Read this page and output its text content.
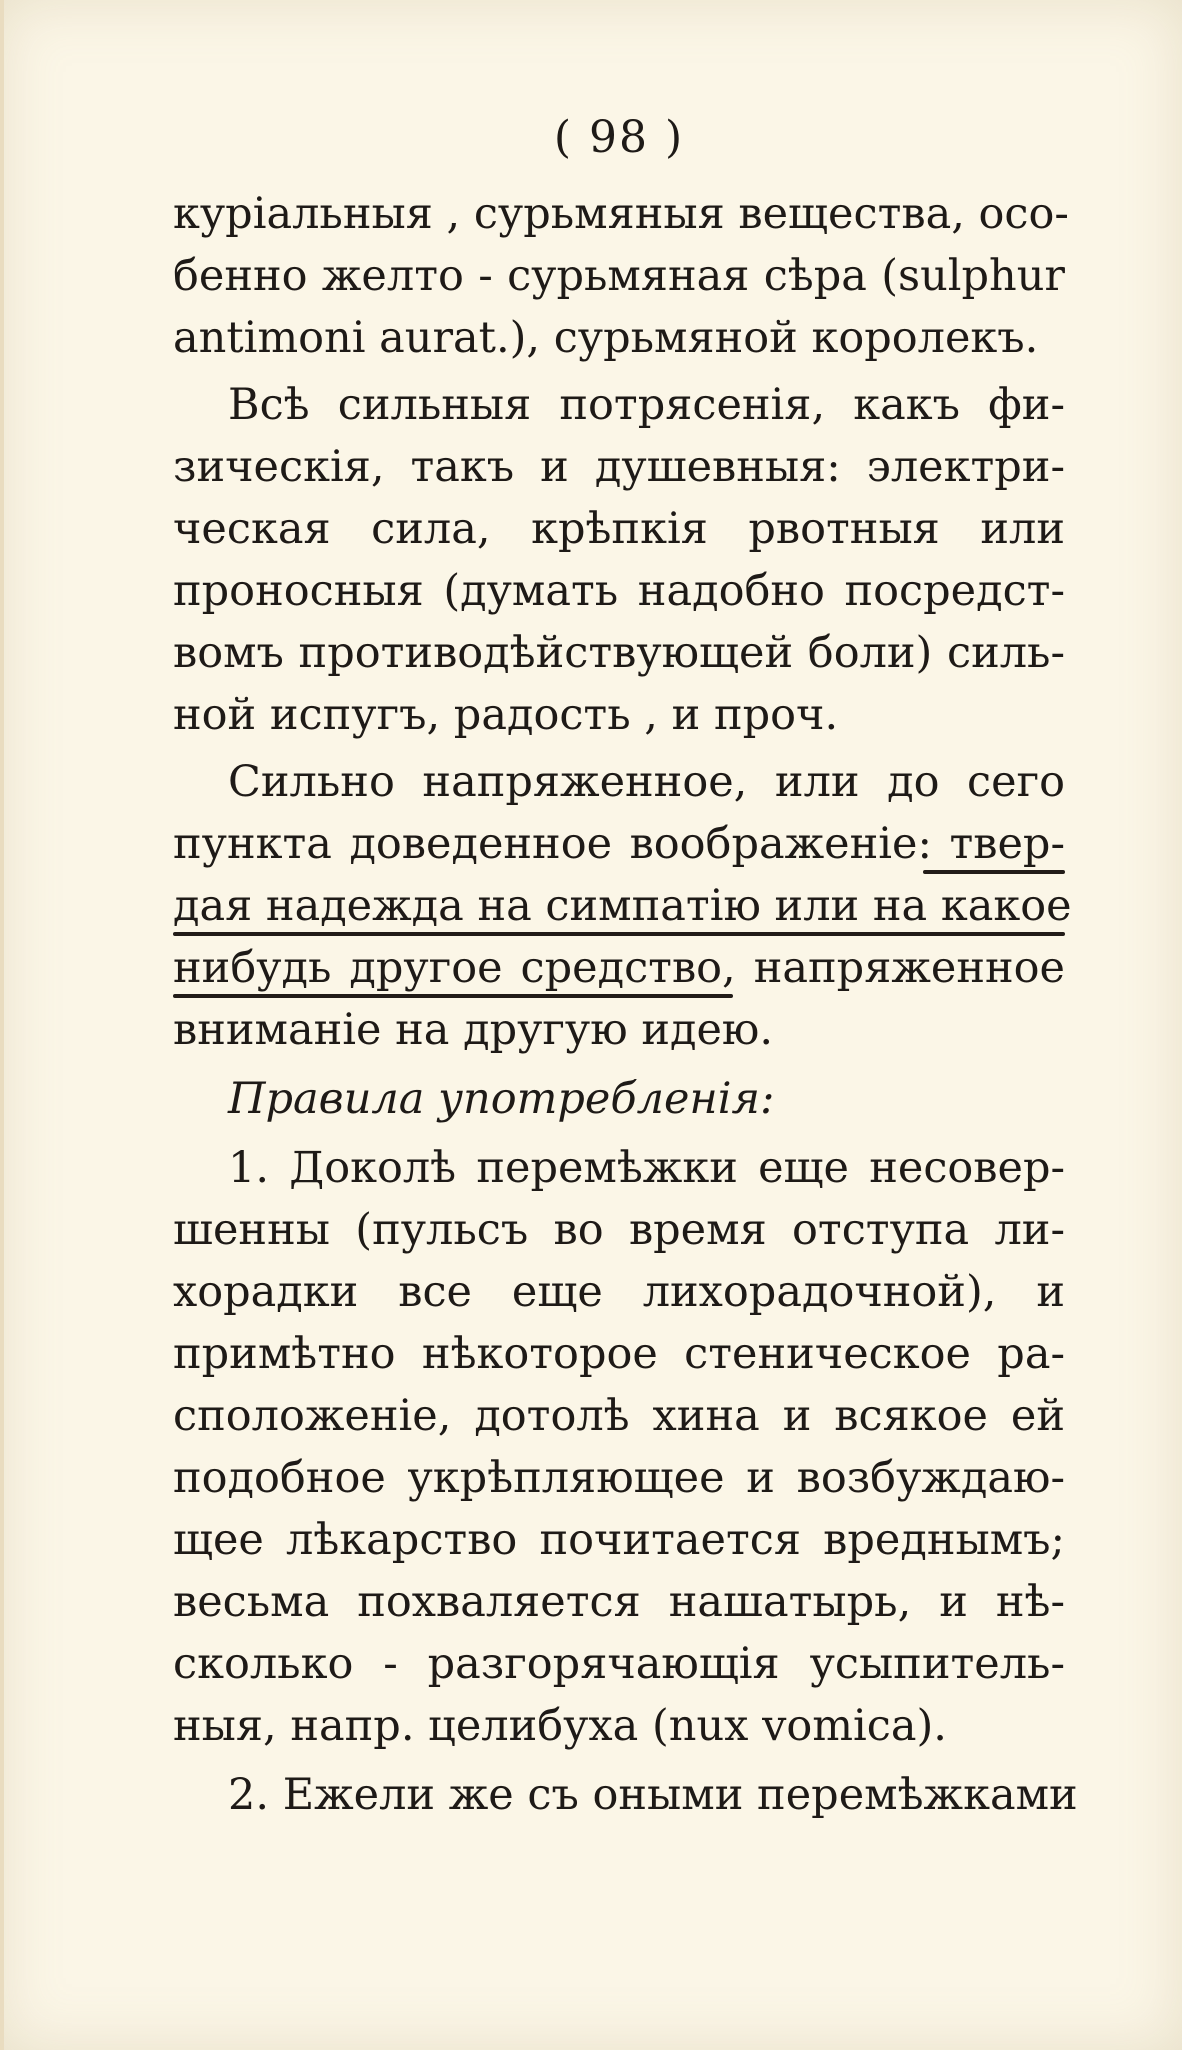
( 98 )
куріальныя , сурьмяныя вещества, осо-
бенно желто - сурьмяная сѣра (sulphur
antimoni aurat.), сурьмяной королекъ.
Всѣ сильныя потрясенія, какъ фи-
зическія, такъ и душевныя: электри-
ческая сила, крѣпкія рвотныя или
проносныя (думать надобно посредст-
вомъ противодѣйствующей боли) силь-
ной испугъ, радость , и проч.
Сильно напряженное, или до сего
пункта доведенное воображеніе: твер-
дая надежда на симпатію или на какое
нибудь другое средство, напряженное
вниманіе на другую идею.
Правила употребленія:
1. Доколѣ перемѣжки еще несовер-
шенны (пульсъ во время отступа ли-
хорадки все еще лихорадочной), и
примѣтно нѣкоторое стеническое ра-
сположеніе, дотолѣ хина и всякое ей
подобное укрѣпляющее и возбуждаю-
щее лѣкарство почитается вреднымъ;
весьма похваляется нашатырь, и нѣ-
сколько - разгорячающія усыпитель-
ныя, напр. целибуха (nux vomica).
2. Ежели же съ оными перемѣжками
